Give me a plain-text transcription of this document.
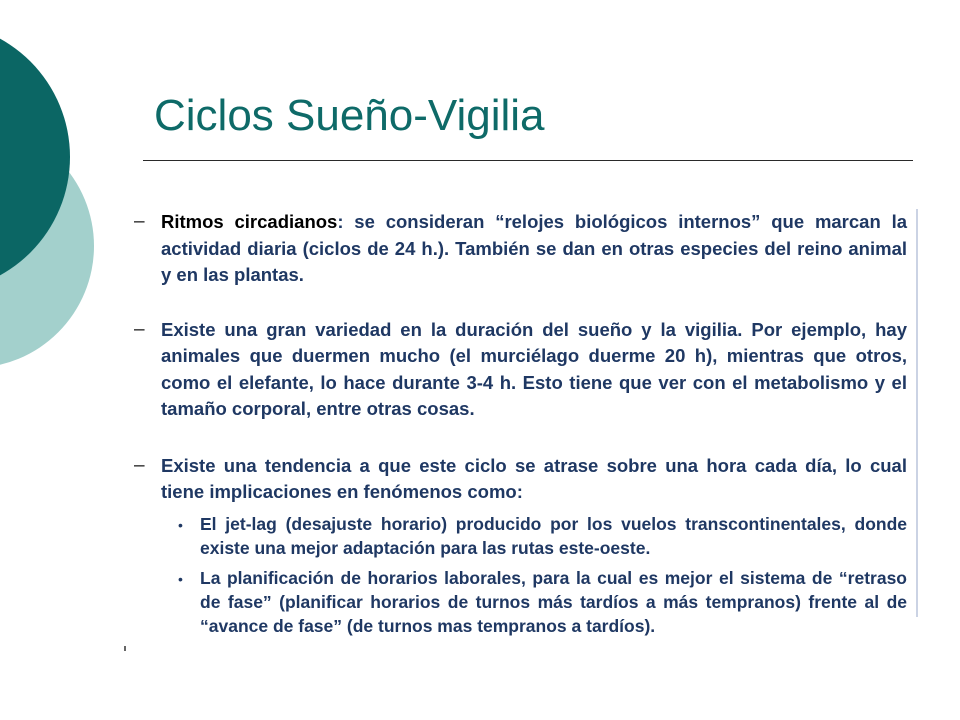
Ciclos Sueño-Vigilia
– Ritmos circadianos: se consideran “relojes biológicos internos” que marcan la actividad diaria (ciclos de 24 h.). También se dan en otras especies del reino animal y en las plantas.
– Existe una gran variedad en la duración del sueño y la vigilia. Por ejemplo, hay animales que duermen mucho (el murciélago duerme 20 h), mientras que otros, como el elefante, lo hace durante 3-4 h. Esto tiene que ver con el metabolismo y el tamaño corporal, entre otras cosas.
– Existe una tendencia a que este ciclo se atrase sobre una hora cada día, lo cual tiene implicaciones en fenómenos como:
• El jet-lag (desajuste horario) producido por los vuelos transcontinentales, donde existe una mejor adaptación para las rutas este-oeste.
• La planificación de horarios laborales, para la cual es mejor el sistema de “retraso de fase” (planificar horarios de turnos más tardíos a más tempranos) frente al de “avance de fase” (de turnos mas tempranos a tardíos).
